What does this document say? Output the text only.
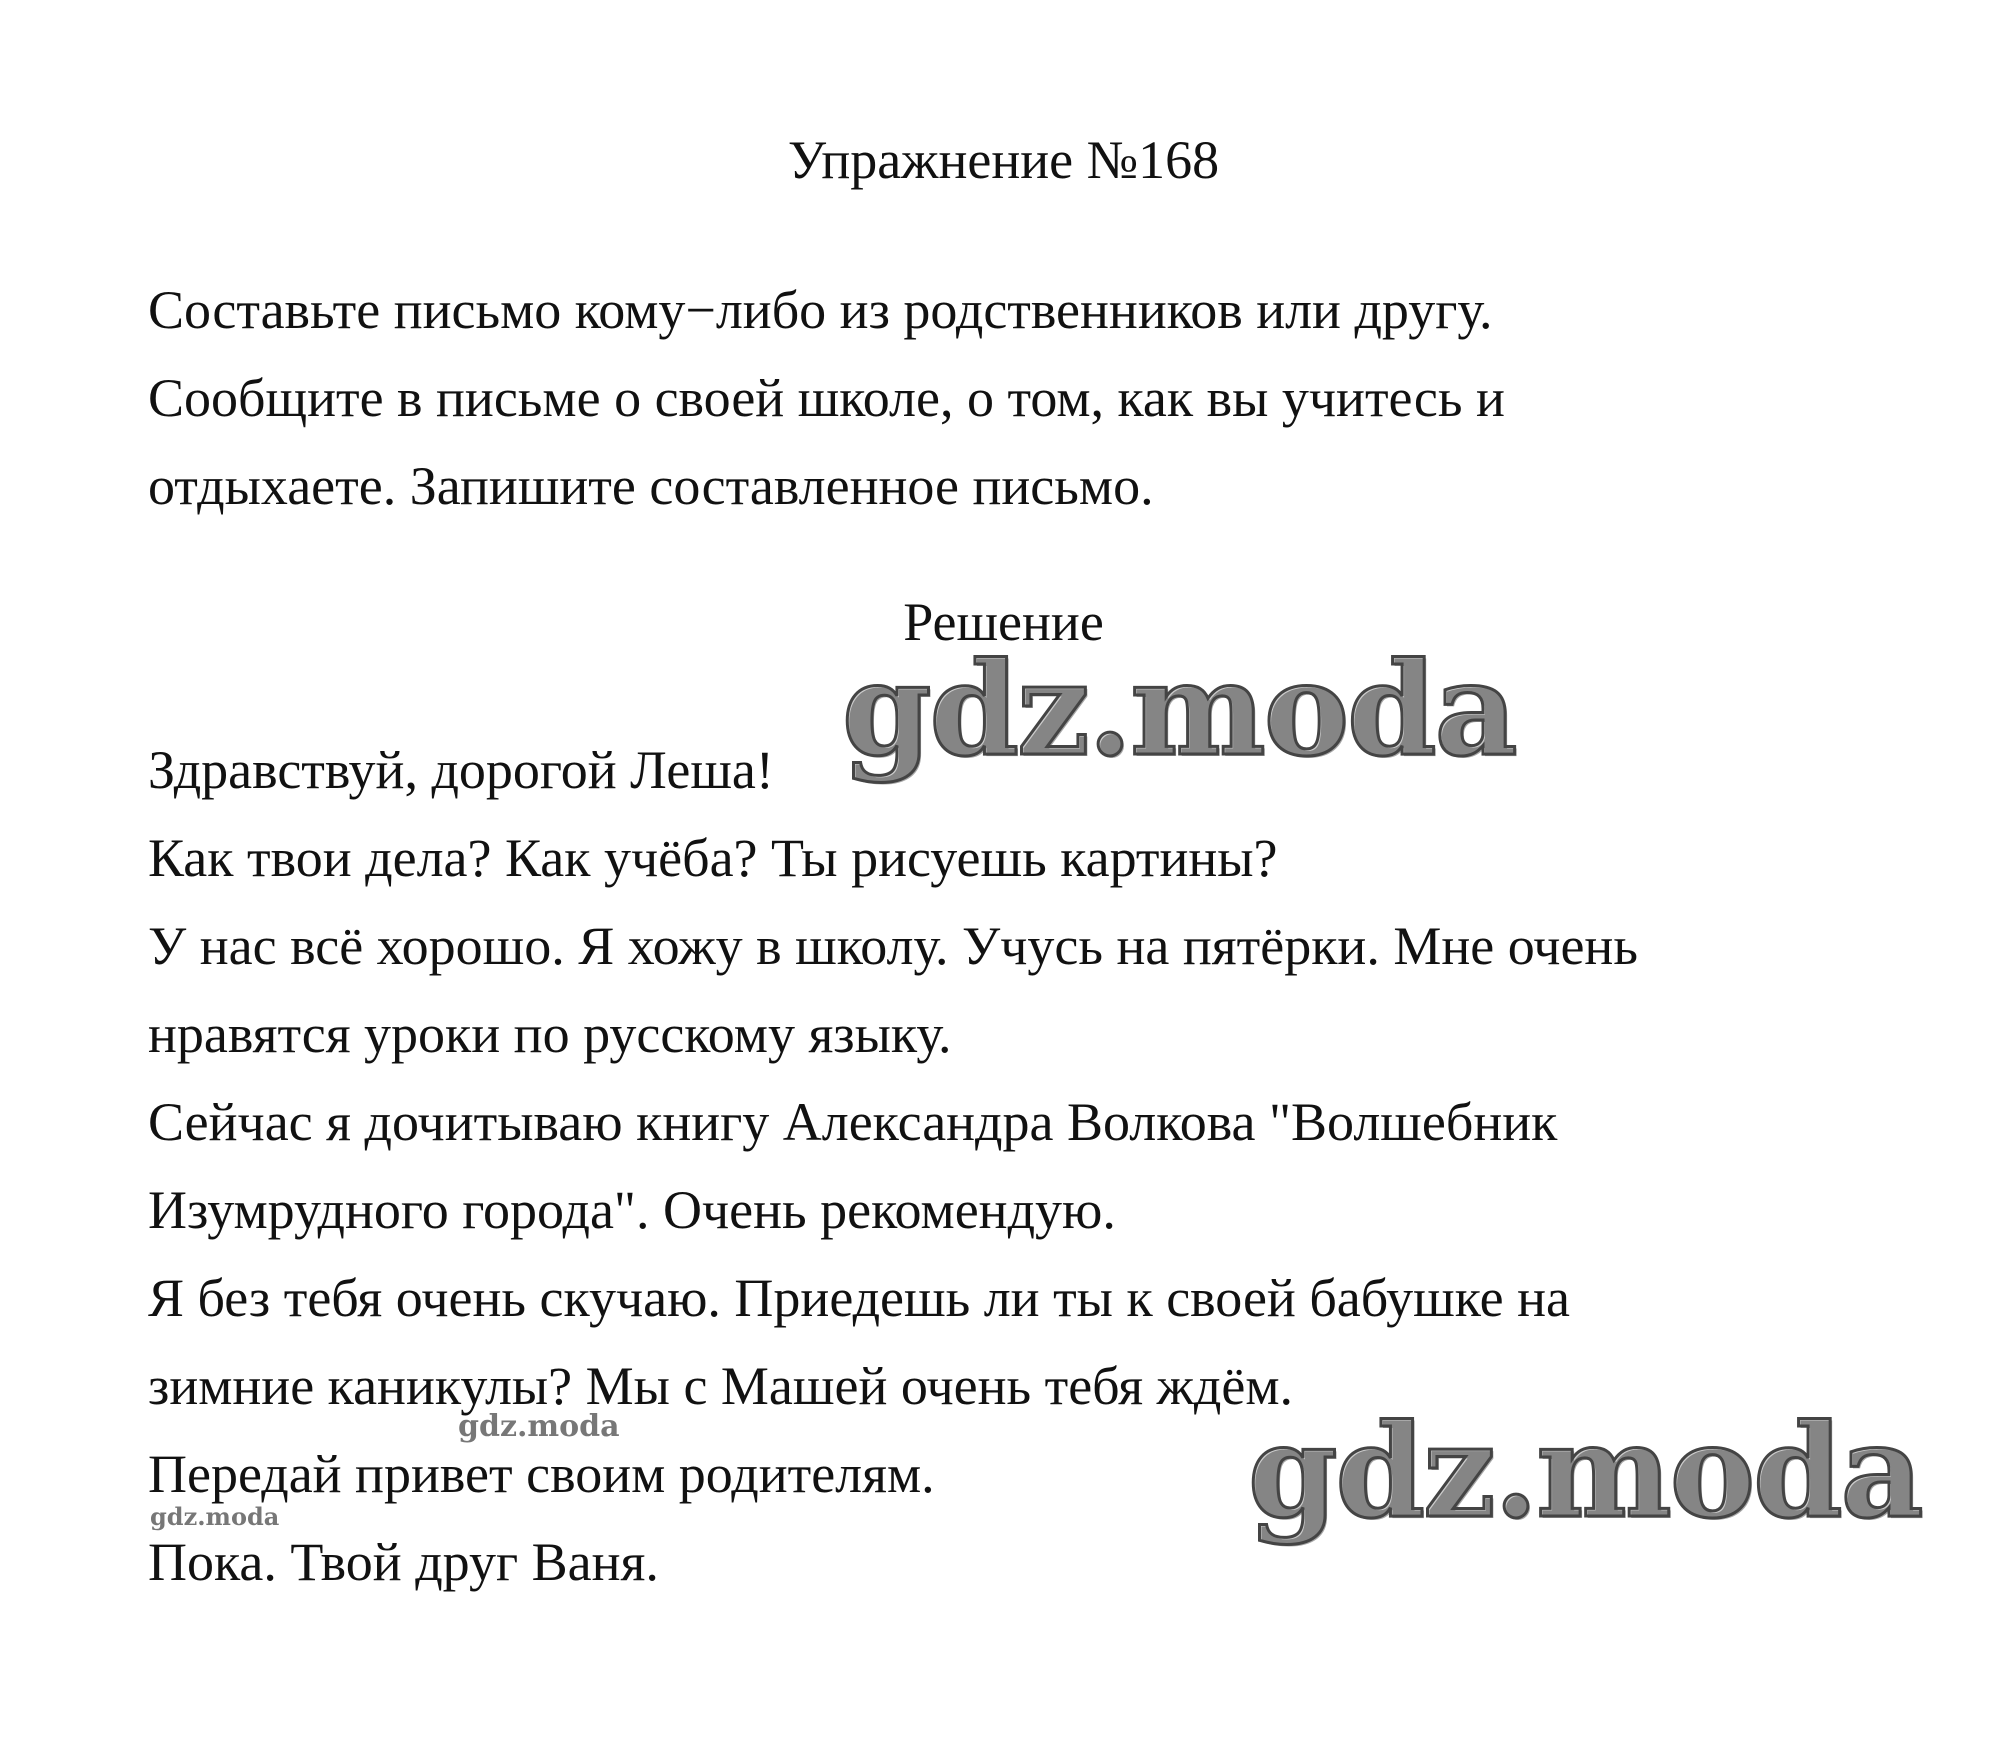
Упражнение №168
Составьте письмо кому−либо из родственников или другу.
Сообщите в письме о своей школе, о том, как вы учитесь и
отдыхаете. Запишите составленное письмо.
Решение
Здравствуй, дорогой Леша!
Как твои дела? Как учёба? Ты рисуешь картины?
У нас всё хорошо. Я хожу в школу. Учусь на пятёрки. Мне очень
нравятся уроки по русскому языку.
Сейчас я дочитываю книгу Александра Волкова "Волшебник
Изумрудного города". Очень рекомендую.
Я без тебя очень скучаю. Приедешь ли ты к своей бабушке на
зимние каникулы? Мы с Машей очень тебя ждём.
Передай привет своим родителям.
Пока. Твой друг Ваня.
gdz.moda
gdz.moda
gdz.moda
gdz.moda
